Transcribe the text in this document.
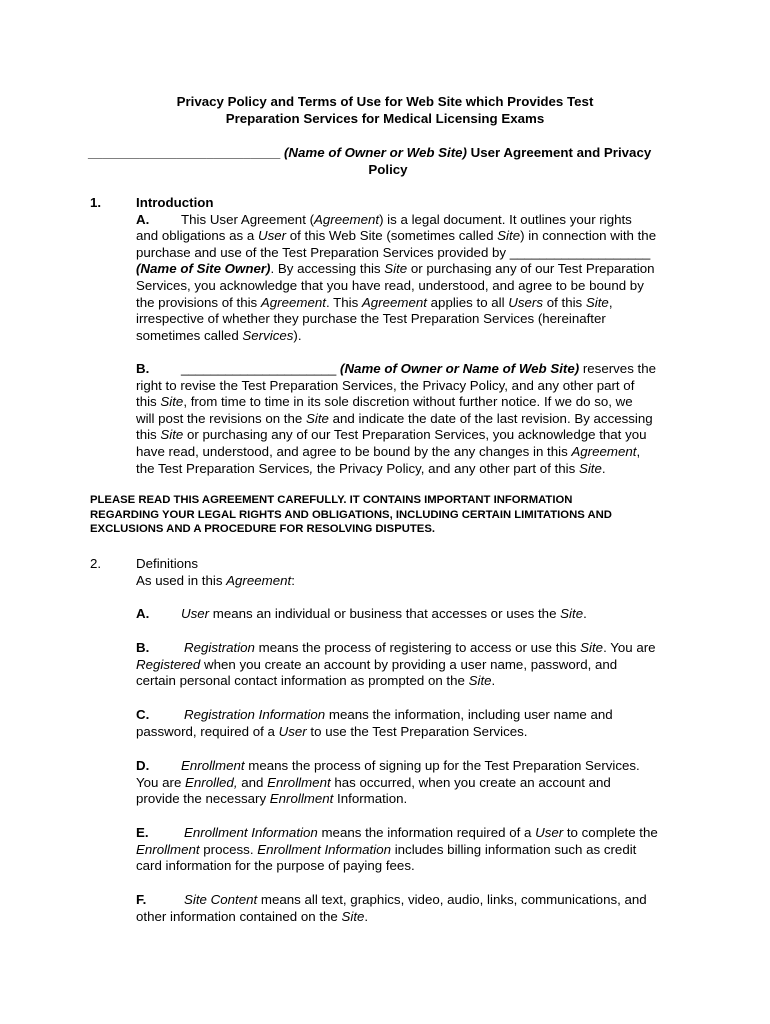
Privacy Policy and Terms of Use for Web Site which Provides Test
Preparation Services for Medical Licensing Exams
__________________________ (Name of Owner or Web Site) User Agreement and Privacy
Policy
1.	Introduction
A. This User Agreement (Agreement) is a legal document. It outlines your rights
and obligations as a User of this Web Site (sometimes called Site) in connection with the
purchase and use of the Test Preparation Services provided by ___________________
(Name of Site Owner). By accessing this Site or purchasing any of our Test Preparation
Services, you acknowledge that you have read, understood, and agree to be bound by
the provisions of this Agreement. This Agreement applies to all Users of this Site,
irrespective of whether they purchase the Test Preparation Services (hereinafter
sometimes called Services).
B. _____________________ (Name of Owner or Name of Web Site) reserves the
right to revise the Test Preparation Services, the Privacy Policy, and any other part of
this Site, from time to time in its sole discretion without further notice. If we do so, we
will post the revisions on the Site and indicate the date of the last revision. By accessing
this Site or purchasing any of our Test Preparation Services, you acknowledge that you
have read, understood, and agree to be bound by the any changes in this Agreement,
the Test Preparation Services, the Privacy Policy, and any other part of this Site.
PLEASE READ THIS AGREEMENT CAREFULLY. IT CONTAINS IMPORTANT INFORMATION
REGARDING YOUR LEGAL RIGHTS AND OBLIGATIONS, INCLUDING CERTAIN LIMITATIONS AND
EXCLUSIONS AND A PROCEDURE FOR RESOLVING DISPUTES.
2.	Definitions
As used in this Agreement:
A. User means an individual or business that accesses or uses the Site.
B.	Registration means the process of registering to access or use this Site. You are
Registered when you create an account by providing a user name, password, and
certain personal contact information as prompted on the Site.
C.	Registration Information means the information, including user name and
password, required of a User to use the Test Preparation Services.
D. Enrollment means the process of signing up for the Test Preparation Services.
You are Enrolled, and Enrollment has occurred, when you create an account and
provide the necessary Enrollment Information.
E.	Enrollment Information means the information required of a User to complete the
Enrollment process. Enrollment Information includes billing information such as credit
card information for the purpose of paying fees.
F.	Site Content means all text, graphics, video, audio, links, communications, and
other information contained on the Site.
